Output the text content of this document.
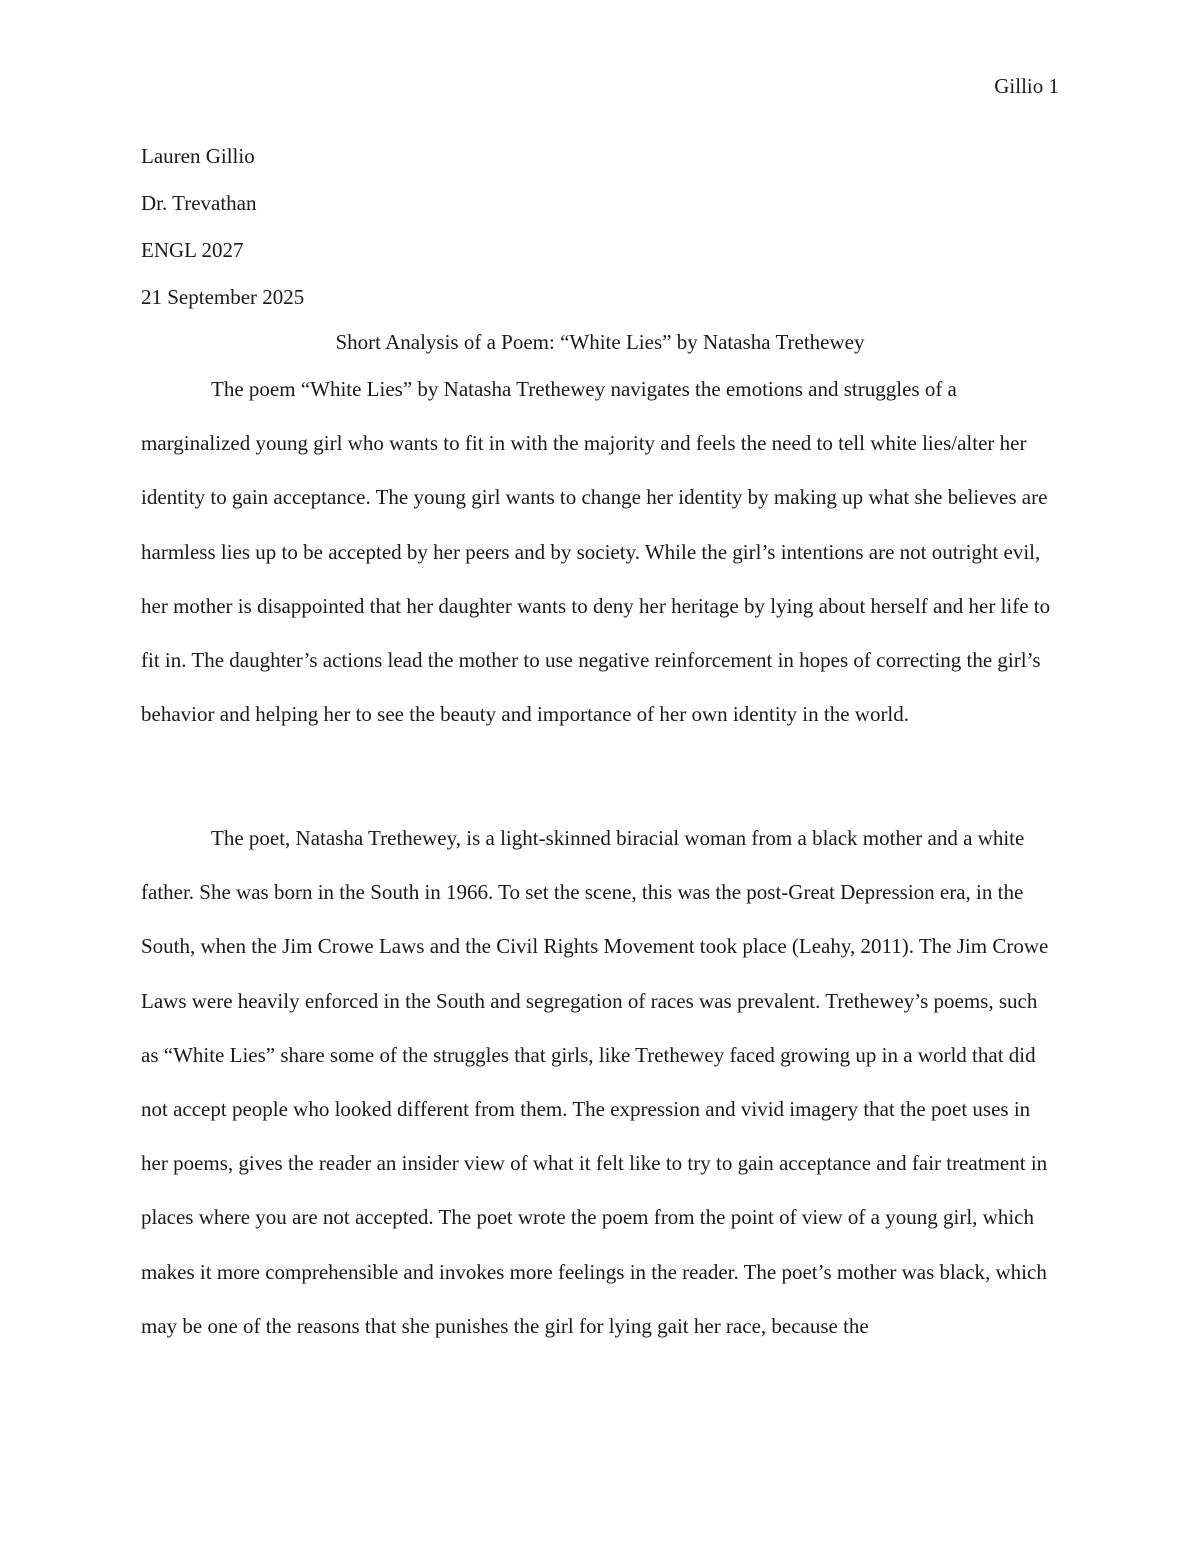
Gillio 1
Lauren Gillio
Dr. Trevathan
ENGL 2027
21 September 2025
Short Analysis of a Poem: “White Lies” by Natasha Trethewey

The poem “White Lies” by Natasha Trethewey navigates the emotions and struggles of a marginalized young girl who wants to fit in with the majority and feels the need to tell white lies/alter her identity to gain acceptance. The young girl wants to change her identity by making up what she believes are harmless lies up to be accepted by her peers and by society. While the girl’s intentions are not outright evil, her mother is disappointed that her daughter wants to deny her heritage by lying about herself and her life to fit in. The daughter’s actions lead the mother to use negative reinforcement in hopes of correcting the girl’s behavior and helping her to see the beauty and importance of her own identity in the world.

The poet, Natasha Trethewey, is a light-skinned biracial woman from a black mother and a white father. She was born in the South in 1966. To set the scene, this was the post-Great Depression era, in the South, when the Jim Crowe Laws and the Civil Rights Movement took place (Leahy, 2011). The Jim Crowe Laws were heavily enforced in the South and segregation of races was prevalent. Trethewey’s poems, such as “White Lies” share some of the struggles that girls, like Trethewey faced growing up in a world that did not accept people who looked different from them. The expression and vivid imagery that the poet uses in her poems, gives the reader an insider view of what it felt like to try to gain acceptance and fair treatment in places where you are not accepted. The poet wrote the poem from the point of view of a young girl, which makes it more comprehensible and invokes more feelings in the reader. The poet’s mother was black, which may be one of the reasons that she punishes the girl for lying gait her race, because the
